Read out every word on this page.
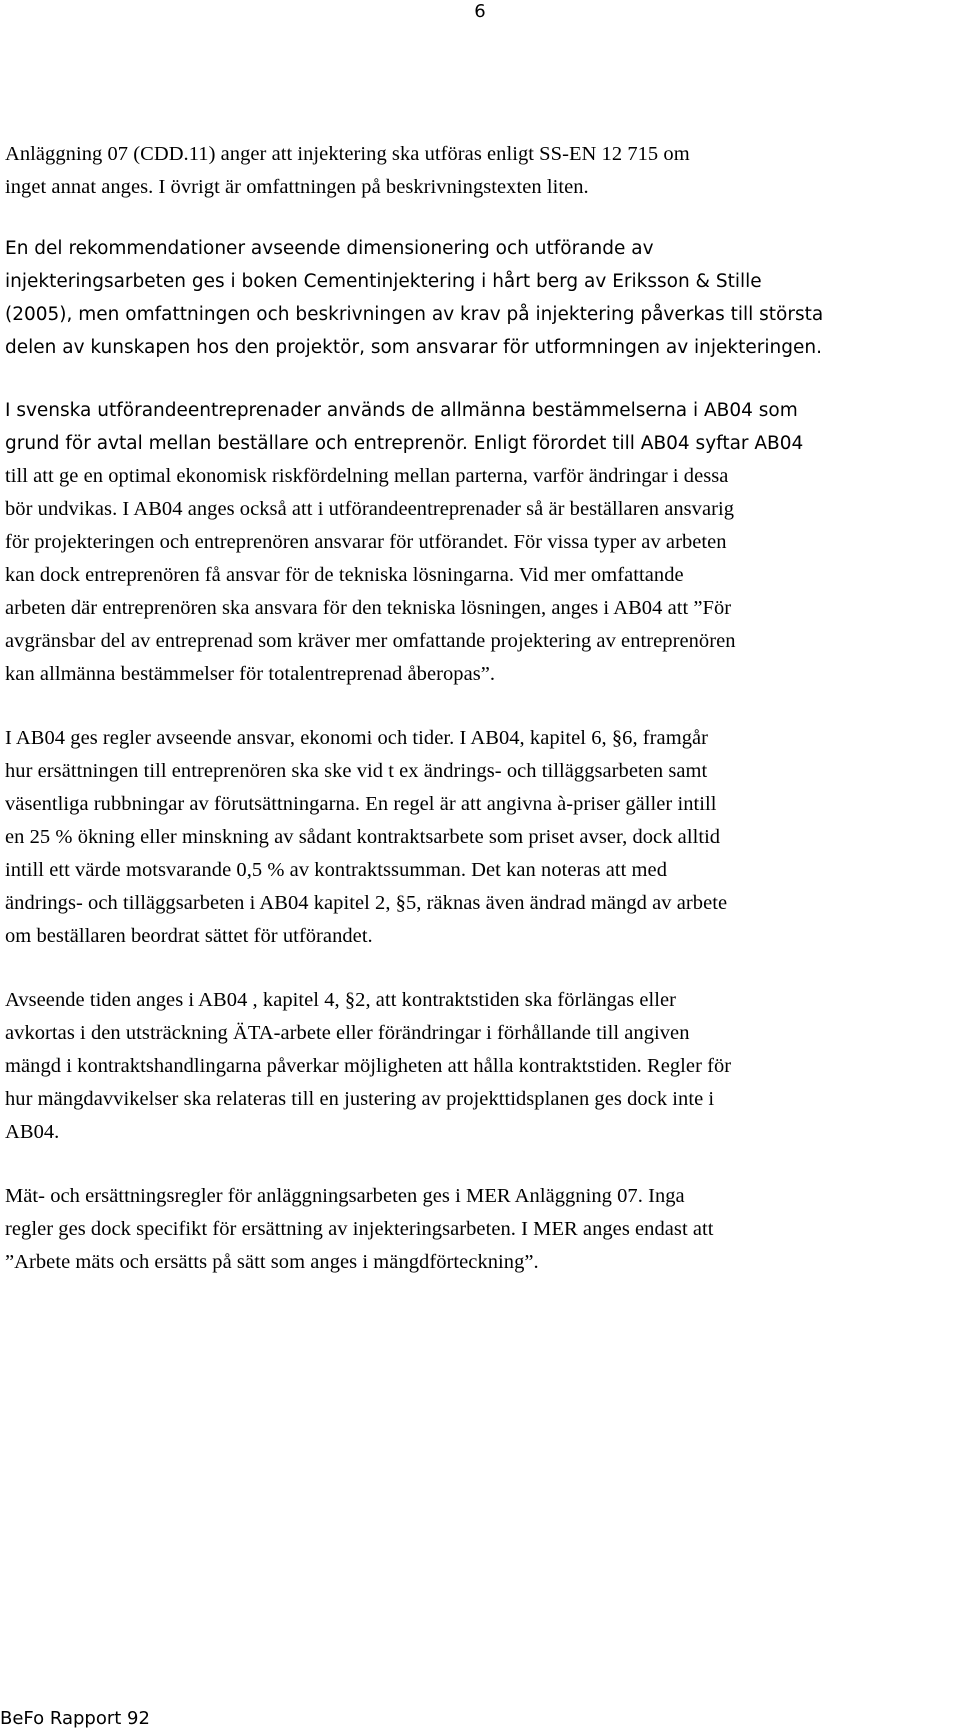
6

Anläggning 07 (CDD.11) anger att injektering ska utföras enligt SS-EN 12 715 om
inget annat anges. I övrigt är omfattningen på beskrivningstexten liten.

En del rekommendationer avseende dimensionering och utförande av
injekteringsarbeten ges i boken Cementinjektering i hårt berg av Eriksson & Stille
(2005), men omfattningen och beskrivningen av krav på injektering påverkas till största
delen av kunskapen hos den projektör, som ansvarar för utformningen av injekteringen.

I svenska utförandeentreprenader används de allmänna bestämmelserna i AB04 som
grund för avtal mellan beställare och entreprenör. Enligt förordet till AB04 syftar AB04

till att ge en optimal ekonomisk riskfördelning mellan parterna, varför ändringar i dessa
bör undvikas. I AB04 anges också att i utförandeentreprenader så är beställaren ansvarig
för projekteringen och entreprenören ansvarar för utförandet. För vissa typer av arbeten
kan dock entreprenören få ansvar för de tekniska lösningarna. Vid mer omfattande
arbeten där entreprenören ska ansvara för den tekniska lösningen, anges i AB04 att ”För
avgränsbar del av entreprenad som kräver mer omfattande projektering av entreprenören
kan allmänna bestämmelser för totalentreprenad åberopas”.

I AB04 ges regler avseende ansvar, ekonomi och tider. I AB04, kapitel 6, §6, framgår
hur ersättningen till entreprenören ska ske vid t ex ändrings- och tilläggsarbeten samt
väsentliga rubbningar av förutsättningarna. En regel är att angivna à-priser gäller intill
en 25 % ökning eller minskning av sådant kontraktsarbete som priset avser, dock alltid
intill ett värde motsvarande 0,5 % av kontraktssumman. Det kan noteras att med
ändrings- och tilläggsarbeten i AB04 kapitel 2, §5, räknas även ändrad mängd av arbete
om beställaren beordrat sättet för utförandet.

Avseende tiden anges i AB04 , kapitel 4, §2, att kontraktstiden ska förlängas eller
avkortas i den utsträckning ÄTA-arbete eller förändringar i förhållande till angiven
mängd i kontraktshandlingarna påverkar möjligheten att hålla kontraktstiden. Regler för
hur mängdavvikelser ska relateras till en justering av projekttidsplanen ges dock inte i
AB04.

Mät- och ersättningsregler för anläggningsarbeten ges i MER Anläggning 07. Inga
regler ges dock specifikt för ersättning av injekteringsarbeten. I MER anges endast att
”Arbete mäts och ersätts på sätt som anges i mängdförteckning”.

BeFo Rapport 92
